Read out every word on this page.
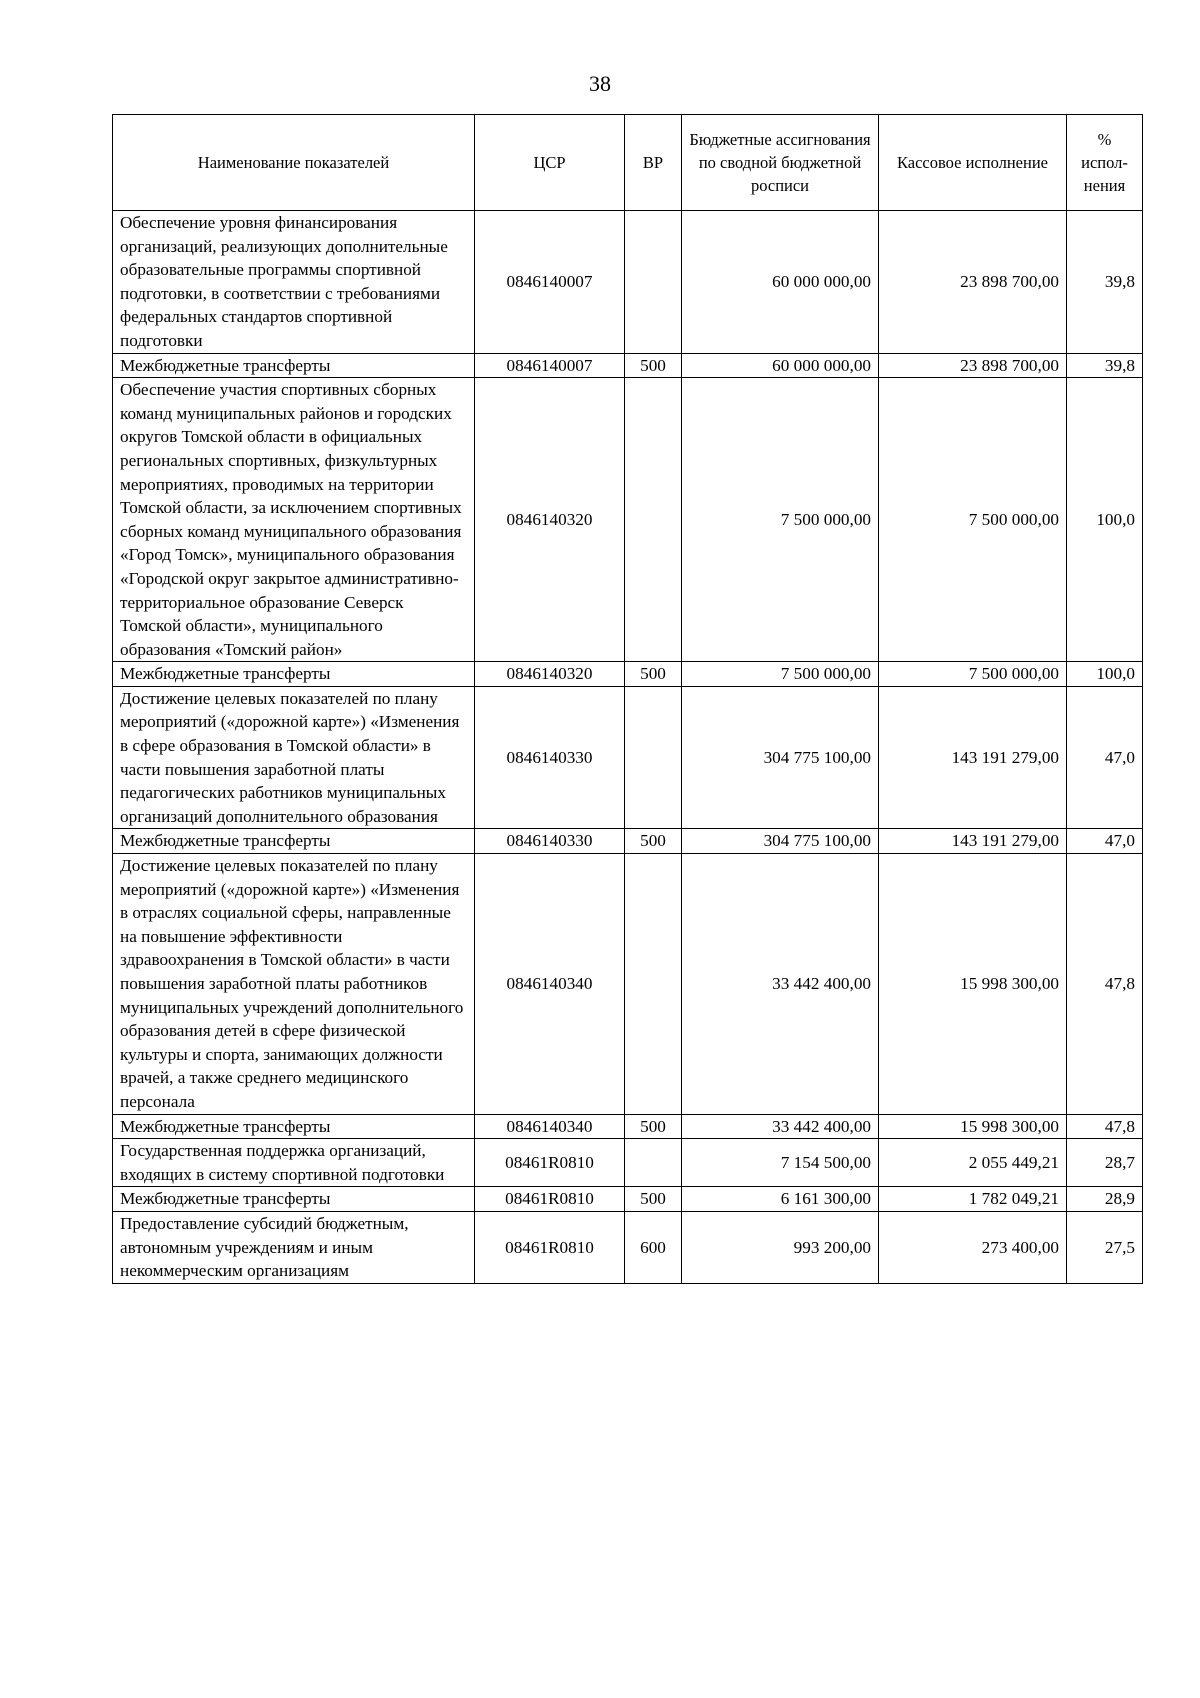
38
Наименование показателей	ЦСР	ВР	Бюджетные ассигнования по сводной бюджетной росписи	Кассовое исполнение	% испол-нения
Обеспечение уровня финансирования организаций, реализующих дополнительные образовательные программы спортивной подготовки, в соответствии с требованиями федеральных стандартов спортивной подготовки	0846140007		60 000 000,00	23 898 700,00	39,8
Межбюджетные трансферты	0846140007	500	60 000 000,00	23 898 700,00	39,8
Обеспечение участия спортивных сборных команд муниципальных районов и городских округов Томской области в официальных региональных спортивных, физкультурных мероприятиях, проводимых на территории Томской области, за исключением спортивных сборных команд муниципального образования «Город Томск», муниципального образования «Городской округ закрытое административно-территориальное образование Северск Томской области», муниципального образования «Томский район»	0846140320		7 500 000,00	7 500 000,00	100,0
Межбюджетные трансферты	0846140320	500	7 500 000,00	7 500 000,00	100,0
Достижение целевых показателей по плану мероприятий («дорожной карте») «Изменения в сфере образования в Томской области» в части повышения заработной платы педагогических работников муниципальных организаций дополнительного образования	0846140330		304 775 100,00	143 191 279,00	47,0
Межбюджетные трансферты	0846140330	500	304 775 100,00	143 191 279,00	47,0
Достижение целевых показателей по плану мероприятий («дорожной карте») «Изменения в отраслях социальной сферы, направленные на повышение эффективности здравоохранения в Томской области» в части повышения заработной платы работников муниципальных учреждений дополнительного образования детей в сфере физической культуры и спорта, занимающих должности врачей, а также среднего медицинского персонала	0846140340		33 442 400,00	15 998 300,00	47,8
Межбюджетные трансферты	0846140340	500	33 442 400,00	15 998 300,00	47,8
Государственная поддержка организаций, входящих в систему спортивной подготовки	08461R0810		7 154 500,00	2 055 449,21	28,7
Межбюджетные трансферты	08461R0810	500	6 161 300,00	1 782 049,21	28,9
Предоставление субсидий бюджетным, автономным учреждениям и иным некоммерческим организациям	08461R0810	600	993 200,00	273 400,00	27,5
